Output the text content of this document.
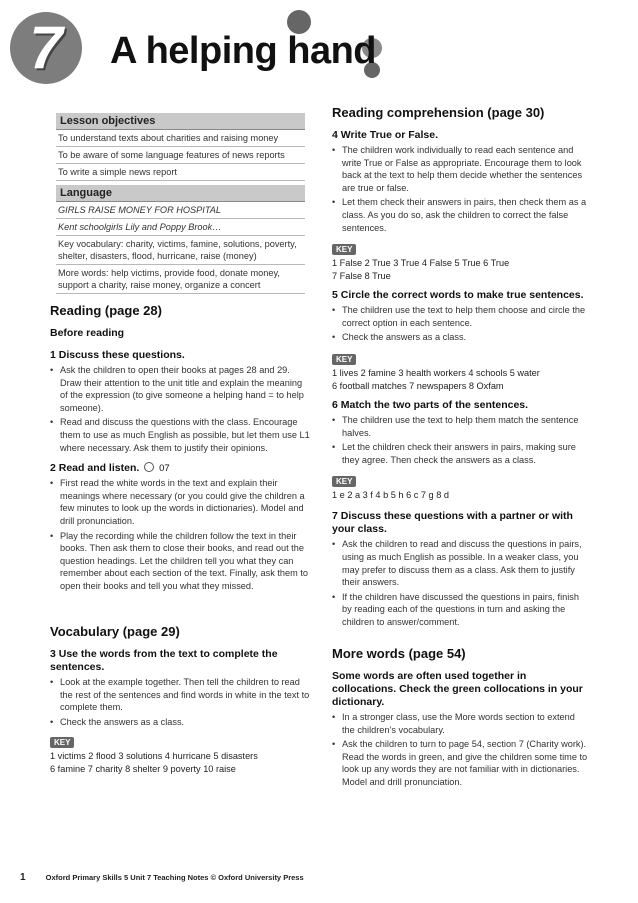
7	A helping hand
Lesson objectives
To understand texts about charities and raising money
To be aware of some language features of news reports
To write a simple news report
Language
GIRLS RAISE MONEY FOR HOSPITAL
Kent schoolgirls Lily and Poppy Brook…
Key vocabulary: charity, victims, famine, solutions, poverty, shelter, disasters, flood, hurricane, raise (money)
More words: help victims, provide food, donate money, support a charity, raise money, organize a concert
Reading (page 28)
Before reading
1 Discuss these questions.
• Ask the children to open their books at pages 28 and 29. Draw their attention to the unit title and explain the meaning of the expression (to give someone a helping hand = to help someone).
• Read and discuss the questions with the class. Encourage them to use as much English as possible, but let them use L1 where necessary. Ask them to justify their opinions.
2 Read and listen. 07
• First read the white words in the text and explain their meanings where necessary (or you could give the children a few minutes to look up the words in dictionaries). Model and drill pronunciation.
• Play the recording while the children follow the text in their books. Then ask them to close their books, and read out the question headings. Let the children tell you what they can remember about each section of the text. Finally, ask them to open their books and tell you what they missed.
Vocabulary (page 29)
3 Use the words from the text to complete the sentences.
• Look at the example together. Then tell the children to read the rest of the sentences and find words in white in the text to complete them.
• Check the answers as a class.
KEY
1 victims 2 flood 3 solutions 4 hurricane 5 disasters
6 famine 7 charity 8 shelter 9 poverty 10 raise
Reading comprehension (page 30)
4 Write True or False.
• The children work individually to read each sentence and write True or False as appropriate. Encourage them to look back at the text to help them decide whether the sentences are true or false.
• Let them check their answers in pairs, then check them as a class. As you do so, ask the children to correct the false sentences.
KEY
1 False 2 True 3 True 4 False 5 True 6 True
7 False 8 True
5 Circle the correct words to make true sentences.
• The children use the text to help them choose and circle the correct option in each sentence.
• Check the answers as a class.
KEY
1 lives 2 famine 3 health workers 4 schools 5 water
6 football matches 7 newspapers 8 Oxfam
6 Match the two parts of the sentences.
• The children use the text to help them match the sentence halves.
• Let the children check their answers in pairs, making sure they agree. Then check the answers as a class.
KEY
1 e 2 a 3 f 4 b 5 h 6 c 7 g 8 d
7 Discuss these questions with a partner or with your class.
• Ask the children to read and discuss the questions in pairs, using as much English as possible. In a weaker class, you may prefer to discuss them as a class. Ask them to justify their answers.
• If the children have discussed the questions in pairs, finish by reading each of the questions in turn and asking the children to answer/comment.
More words (page 54)
Some words are often used together in collocations. Check the green collocations in your dictionary.
• In a stronger class, use the More words section to extend the children’s vocabulary.
• Ask the children to turn to page 54, section 7 (Charity work). Read the words in green, and give the children some time to look up any words they are not familiar with in dictionaries. Model and drill pronunciation.
1	Oxford Primary Skills 5 Unit 7 Teaching Notes © Oxford University Press
